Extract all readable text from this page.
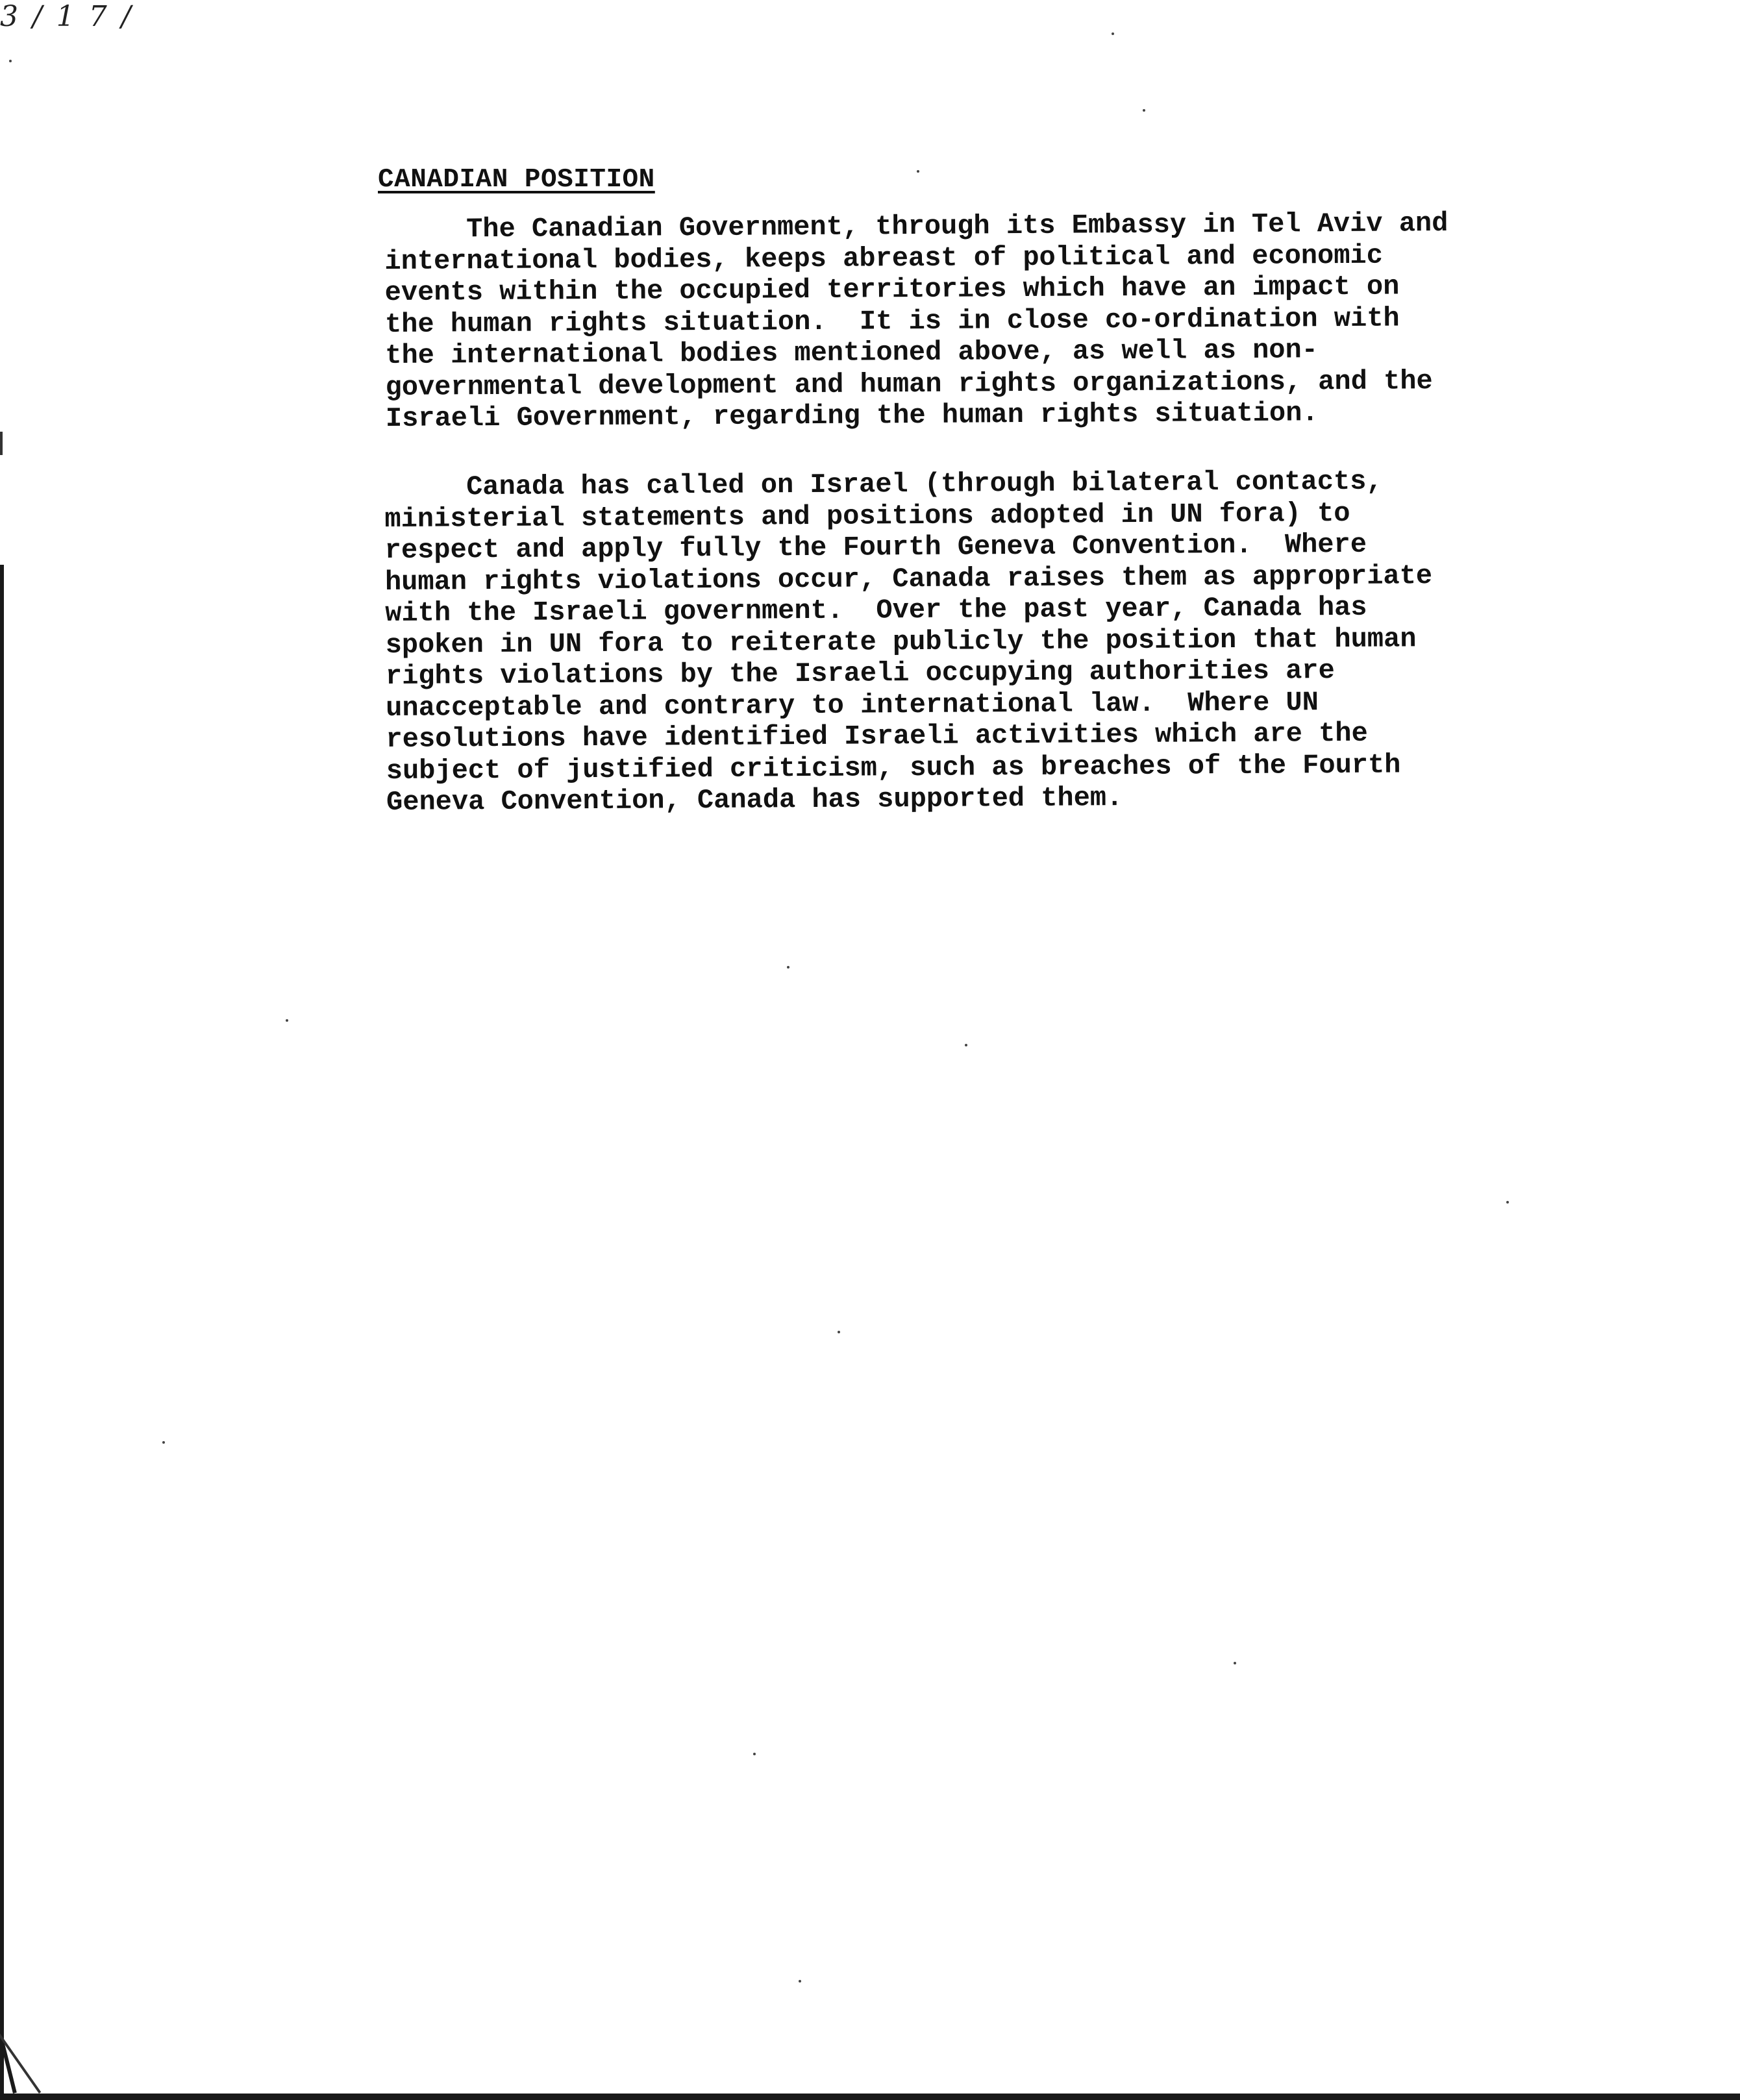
3 / 1 7 /
CANADIAN POSITION
The Canadian Government, through its Embassy in Tel Aviv and
international bodies, keeps abreast of political and economic
events within the occupied territories which have an impact on
the human rights situation.  It is in close co-ordination with
the international bodies mentioned above, as well as non-
governmental development and human rights organizations, and the
Israeli Government, regarding the human rights situation.
Canada has called on Israel (through bilateral contacts,
ministerial statements and positions adopted in UN fora) to
respect and apply fully the Fourth Geneva Convention.  Where
human rights violations occur, Canada raises them as appropriate
with the Israeli government.  Over the past year, Canada has
spoken in UN fora to reiterate publicly the position that human
rights violations by the Israeli occupying authorities are
unacceptable and contrary to international law.  Where UN
resolutions have identified Israeli activities which are the
subject of justified criticism, such as breaches of the Fourth
Geneva Convention, Canada has supported them.
